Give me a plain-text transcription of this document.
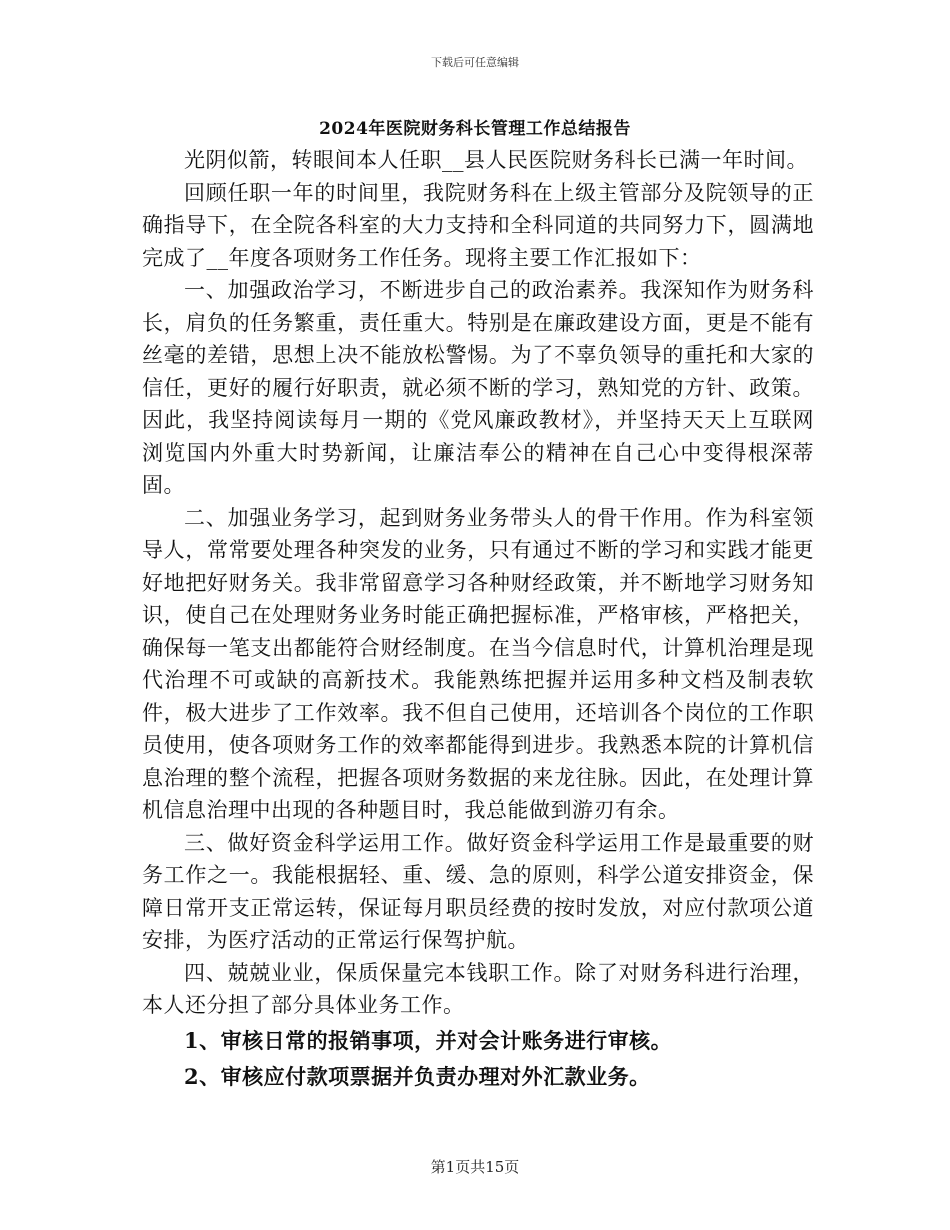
下载后可任意编辑
2024年医院财务科长管理工作总结报告

光阴似箭，转眼间本人任职__县人民医院财务科长已满一年时间。

回顾任职一年的时间里，我院财务科在上级主管部分及院领导的正确指导下，在全院各科室的大力支持和全科同道的共同努力下，圆满地完成了__年度各项财务工作任务。现将主要工作汇报如下：

一、加强政治学习，不断进步自己的政治素养。我深知作为财务科长，肩负的任务繁重，责任重大。特别是在廉政建设方面，更是不能有丝毫的差错，思想上决不能放松警惕。为了不辜负领导的重托和大家的信任，更好的履行好职责，就必须不断的学习，熟知党的方针、政策。因此，我坚持阅读每月一期的《党风廉政教材》，并坚持天天上互联网浏览国内外重大时势新闻，让廉洁奉公的精神在自己心中变得根深蒂固。

二、加强业务学习，起到财务业务带头人的骨干作用。作为科室领导人，常常要处理各种突发的业务，只有通过不断的学习和实践才能更好地把好财务关。我非常留意学习各种财经政策，并不断地学习财务知识，使自己在处理财务业务时能正确把握标准，严格审核，严格把关，确保每一笔支出都能符合财经制度。在当今信息时代，计算机治理是现代治理不可或缺的高新技术。我能熟练把握并运用多种文档及制表软件，极大进步了工作效率。我不但自己使用，还培训各个岗位的工作职员使用，使各项财务工作的效率都能得到进步。我熟悉本院的计算机信息治理的整个流程，把握各项财务数据的来龙往脉。因此，在处理计算机信息治理中出现的各种题目时，我总能做到游刃有余。

三、做好资金科学运用工作。做好资金科学运用工作是最重要的财务工作之一。我能根据轻、重、缓、急的原则，科学公道安排资金，保障日常开支正常运转，保证每月职员经费的按时发放，对应付款项公道安排，为医疗活动的正常运行保驾护航。

四、兢兢业业，保质保量完本钱职工作。除了对财务科进行治理，本人还分担了部分具体业务工作。

1、审核日常的报销事项，并对会计账务进行审核。

2、审核应付款项票据并负责办理对外汇款业务。

第1页共15页
